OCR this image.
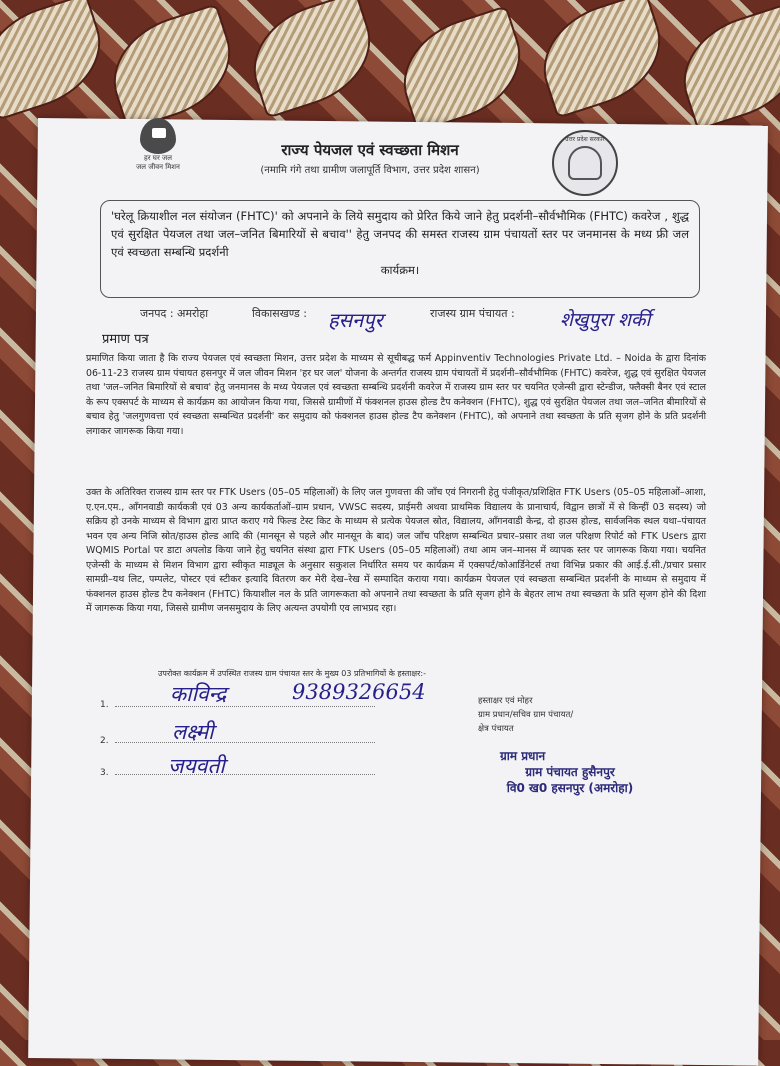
हर घर जल
जल जीवन मिशन
राज्य पेयजल एवं स्वच्छता मिशन
(नमामि गंगे तथा ग्रामीण जलापूर्ति विभाग, उत्तर प्रदेश शासन)
उत्तर प्रदेश सरकार
'घरेलू क्रियाशील नल संयोजन (FHTC)' को अपनाने के लिये समुदाय को प्रेरित किये जाने हेतु प्रदर्शनी–सौर्वभौमिक (FHTC) कवरेज , शुद्ध एवं सुरक्षित पेयजल तथा जल–जनित बिमारियों से बचाव'' हेतु जनपद की समस्त राजस्य ग्राम पंचायतों स्तर पर जनमानस के मध्य फ्री जल एवं स्वच्छता सम्बन्धि प्रदर्शनी
कार्यक्रम।
जनपद : अमरोहा	विकासखण्ड : हसनपुर	राजस्य ग्राम पंचायत : शेखुपुरा शर्की
प्रमाण पत्र
प्रमाणित किया जाता है कि राज्य पेयजल एवं स्वच्छता मिशन, उत्तर प्रदेश के माध्यम से सूचीबद्ध फर्म Appinventiv Technologies Private Ltd. – Noida के द्वारा दिनांक 06-11-23 राजस्य ग्राम पंचायत हसनपुर में जल जीवन मिशन 'हर घर जल' योजना के अन्तर्गत राजस्य ग्राम पंचायतों में प्रदर्शनी–सौर्वभौमिक (FHTC) कवरेज, शुद्ध एवं सुरक्षित पेयजल तथा 'जल–जनित बिमारियों से बचाव' हेतु जनमानस के मध्य पेयजल एवं स्वच्छता सम्बन्धि प्रदर्शनी कवरेज में राजस्य ग्राम स्तर पर चयनित एजेन्सी द्वारा स्टेन्डीज, फ्लैक्सी बैनर एवं स्टाल के रूप एक्सपर्ट के माध्यम से कार्यक्रम का आयोजन किया गया, जिससे ग्रामीणों में फंक्शनल हाउस होल्ड टैप कनेक्शन (FHTC), शुद्ध एवं सुरक्षित पेयजल तथा जल–जनित बीमारियों से बचाव हेतु 'जलगुणवत्ता एवं स्वच्छता सम्बन्धित प्रदर्शनी' कर समुदाय को फंक्शनल हाउस होल्ड टैप कनेक्शन (FHTC), को अपनाने तथा स्वच्छता के प्रति सृजग होने के प्रति प्रदर्शनी लगाकर जागरूक किया गया।
उक्त के अतिरिक्त राजस्य ग्राम स्तर पर FTK Users (05–05 महिलाओं) के लिए जल गुणवत्ता की जाँच एवं निगरानी हेतु पंजीकृत/प्रशिक्षित FTK Users (05–05 महिलाओं–आशा, ए.एन.एम., आँगनवाडी कार्यकत्री एवं 03 अन्य कार्यकर्ताओं–ग्राम प्रधान, VWSC सदस्य, प्राईमरी अथवा प्राथमिक विद्यालय के प्रानाचार्य, विद्वान छात्रों में से किन्हीं 03 सदस्य) जो सक्रिय हो उनके माध्यम से विभाग द्वारा प्राप्त कराए गये फिल्ड टेस्ट किट के माध्यम से प्रत्येक पेयजल स्रोत, विद्यालय, आँगनवाडी केन्द्र, दो हाउस होल्ड, सार्वजनिक स्थल यथा–पंचायत भवन एव अन्य निजि स्रोत/हाउस होल्ड आदि की (मानसून से पहले और मानसून के बाद) जल जाँच परिक्षण सम्बन्धित प्रचार–प्रसार तथा जल परिक्षण रिपोर्ट को FTK Users द्वारा WQMIS Portal पर डाटा अपलोड किया जाने हेतु चयनित संस्था द्वारा FTK Users (05–05 महिलाओं) तथा आम जन–मानस में व्यापक स्तर पर जागरूक किया गया। चयनित एजेन्सी के माध्यम से मिशन विभाग द्वारा स्वीकृत माड्यूल के अनुसार सकुशल निर्धारित समय पर कार्यक्रम में एक्सपर्ट/कोआर्डिनेटर्स तथा विभिन्न प्रकार की आई.ई.सी./प्रचार प्रसार सामग्री–यथ लिट, पम्पलेट, पोस्टर एवं स्टीकर इत्यादि वितरण कर मेरी देख–रेख में सम्पादित कराया गया। कार्यक्रम पेयजल एवं स्वच्छता सम्बन्धित प्रदर्शनी के माध्यम से समुदाय में फंक्शनल हाउस होल्ड टैप कनेक्शन (FHTC) कियाशील नल के प्रति जागरूकता को अपनाने तथा स्वच्छता के प्रति सृजग होने के बेहतर लाभ तथा स्वच्छता के प्रति सृजग होने की दिशा में जागरूक किया गया, जिससे ग्रामीण जनसमुदाय के लिए अत्यन्त उपयोगी एव लाभप्रद रहा।
उपरोक्त कार्यक्रम में उपस्थित राजस्य ग्राम पंचायत स्तर के मुख्य 03 प्रतिभागियों के हस्ताक्षर:-
1.	काविन्द्र	9389326654
2.	लक्ष्मी
3.	जयवती
हस्ताक्षर एवं मोहर
ग्राम प्रधान/सचिव ग्राम पंचायत/
क्षेत्र पंचायत
ग्राम प्रधान
ग्राम पंचायत हुसैनपुर
वि0 ख0 हसनपुर (अमरोहा)
